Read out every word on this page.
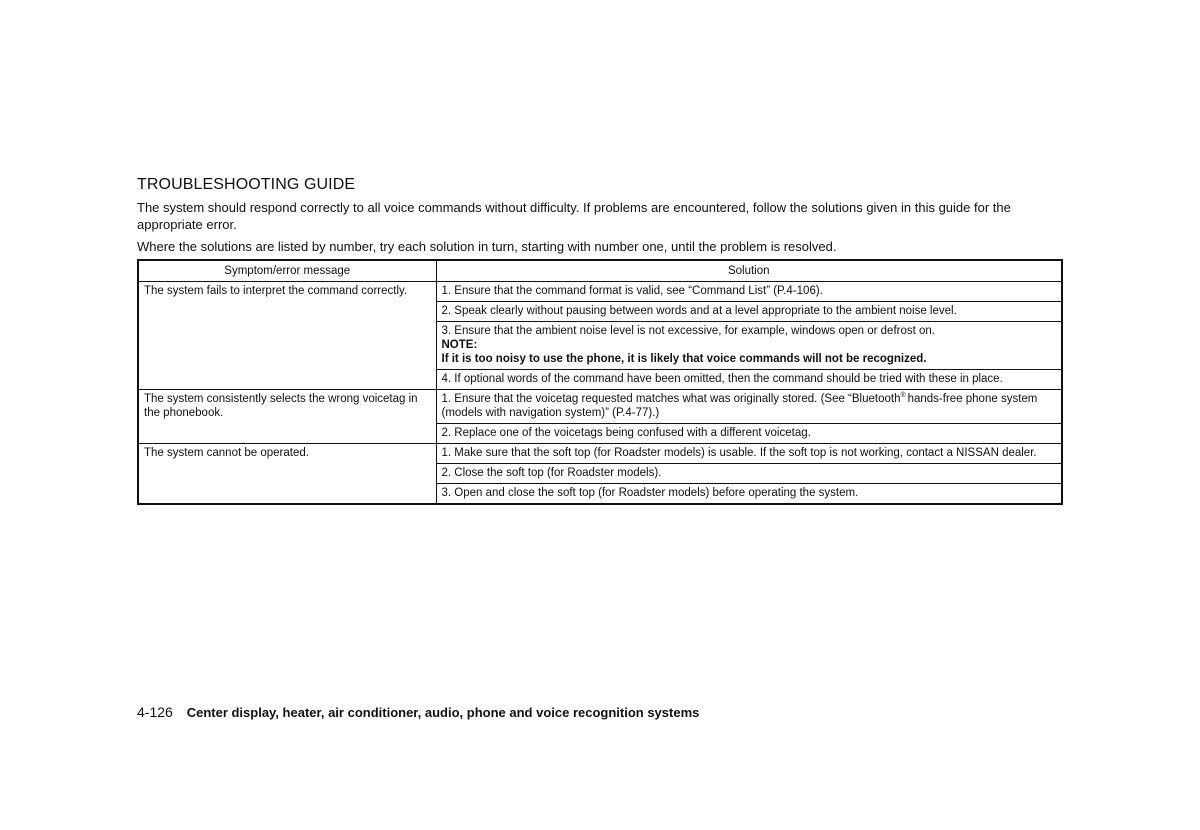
TROUBLESHOOTING GUIDE

The system should respond correctly to all voice commands without difficulty. If problems are encountered, follow the solutions given in this guide for the appropriate error.

Where the solutions are listed by number, try each solution in turn, starting with number one, until the problem is resolved.

Symptom/error message	Solution
The system fails to interpret the command correctly.	1. Ensure that the command format is valid, see “Command List” (P.4-106).
	2. Speak clearly without pausing between words and at a level appropriate to the ambient noise level.
	3. Ensure that the ambient noise level is not excessive, for example, windows open or defrost on.
NOTE:
If it is too noisy to use the phone, it is likely that voice commands will not be recognized.

	4. If optional words of the command have been omitted, then the command should be tried with these in place.
The system consistently selects the wrong voicetag in the phonebook.	1. Ensure that the voicetag requested matches what was originally stored. (See “Bluetooth® hands-free phone system (models with navigation system)” (P.4-77).)
	2. Replace one of the voicetags being confused with a different voicetag.
The system cannot be operated.	1. Make sure that the soft top (for Roadster models) is usable. If the soft top is not working, contact a NISSAN dealer.
	2. Close the soft top (for Roadster models).
	3. Open and close the soft top (for Roadster models) before operating the system.
4-126 Center display, heater, air conditioner, audio, phone and voice recognition systems
